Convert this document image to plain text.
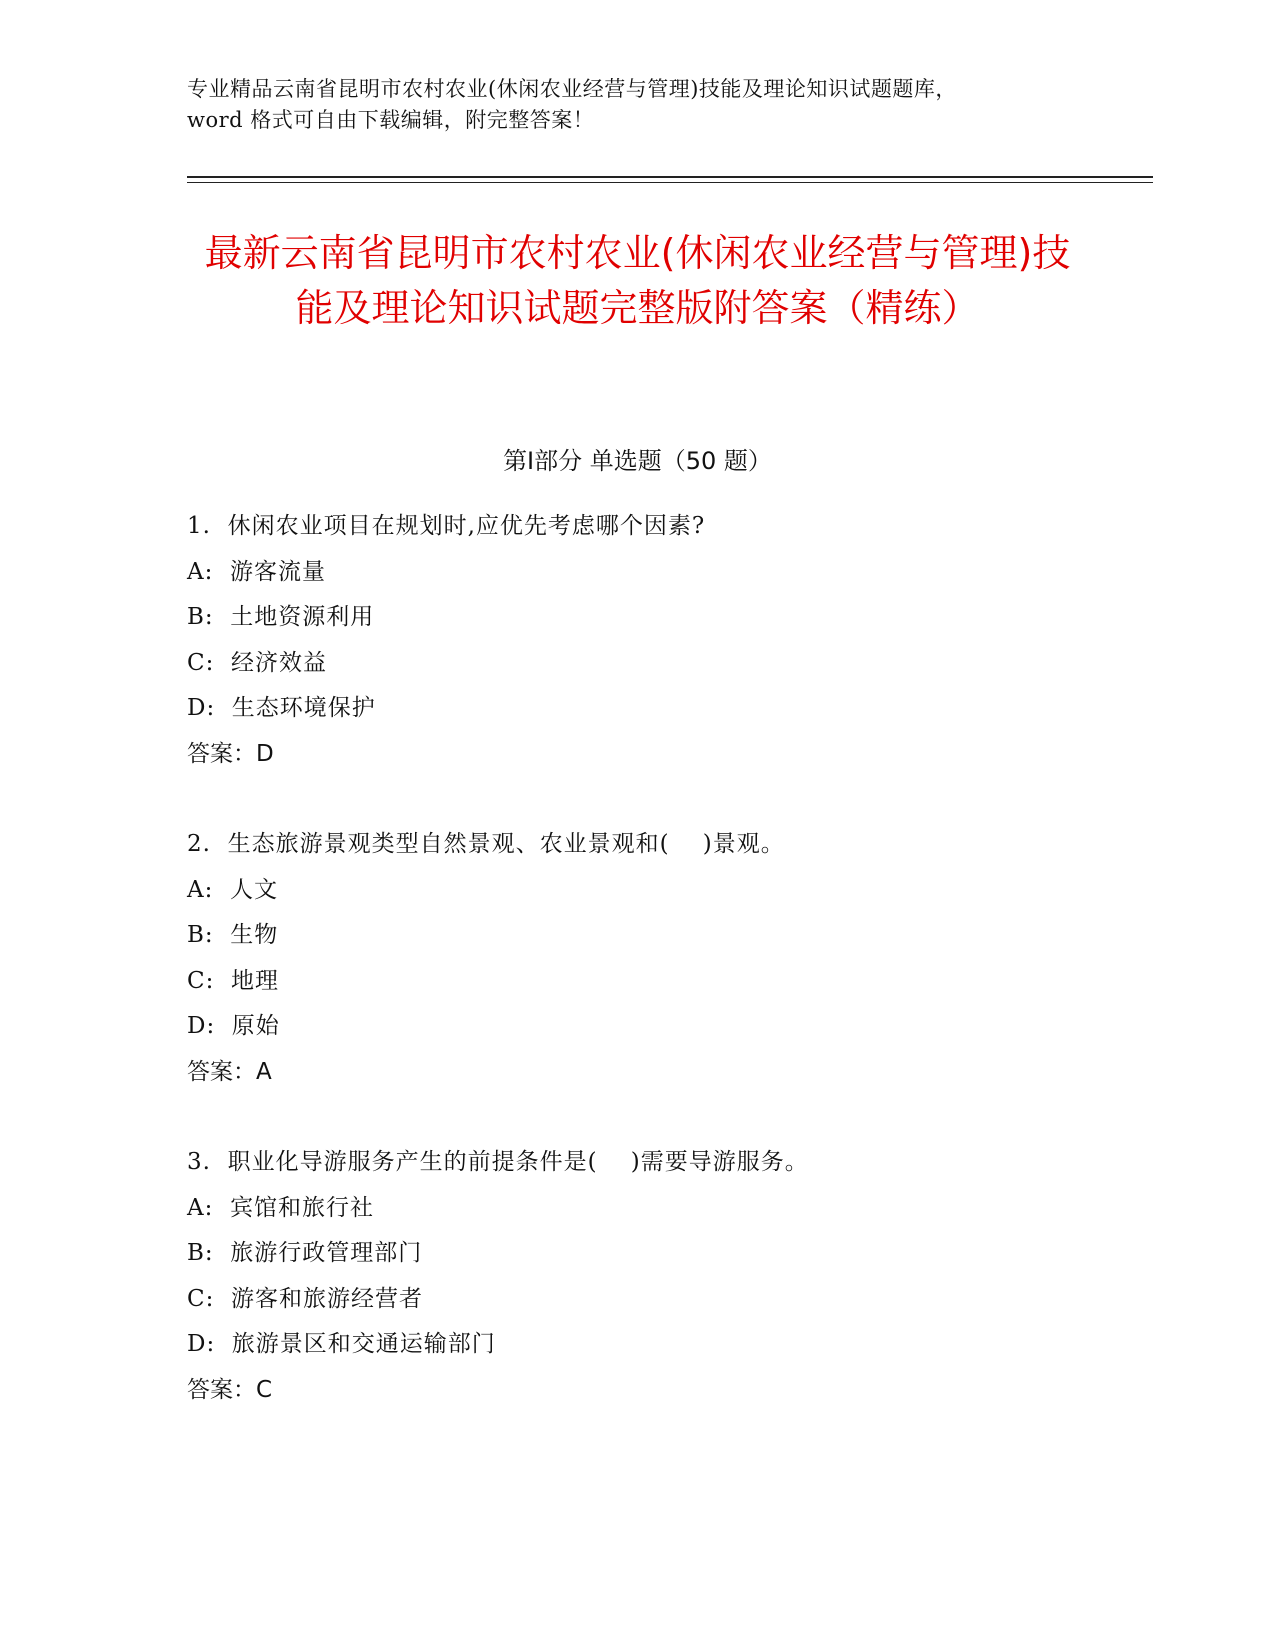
专业精品云南省昆明市农村农业(休闲农业经营与管理)技能及理论知识试题题库，
word 格式可自由下载编辑，附完整答案！
最新云南省昆明市农村农业(休闲农业经营与管理)技能及理论知识试题完整版附答案（精练）
第Ⅰ部分 单选题（50 题）
1.  休闲农业项目在规划时,应优先考虑哪个因素?
A:  游客流量
B:  土地资源利用
C:  经济效益
D:  生态环境保护
答案：D
2.  生态旅游景观类型自然景观、农业景观和(    )景观。
A:  人文
B:  生物
C:  地理
D:  原始
答案：A
3.  职业化导游服务产生的前提条件是(    )需要导游服务。
A:  宾馆和旅行社
B:  旅游行政管理部门
C:  游客和旅游经营者
D:  旅游景区和交通运输部门
答案：C
